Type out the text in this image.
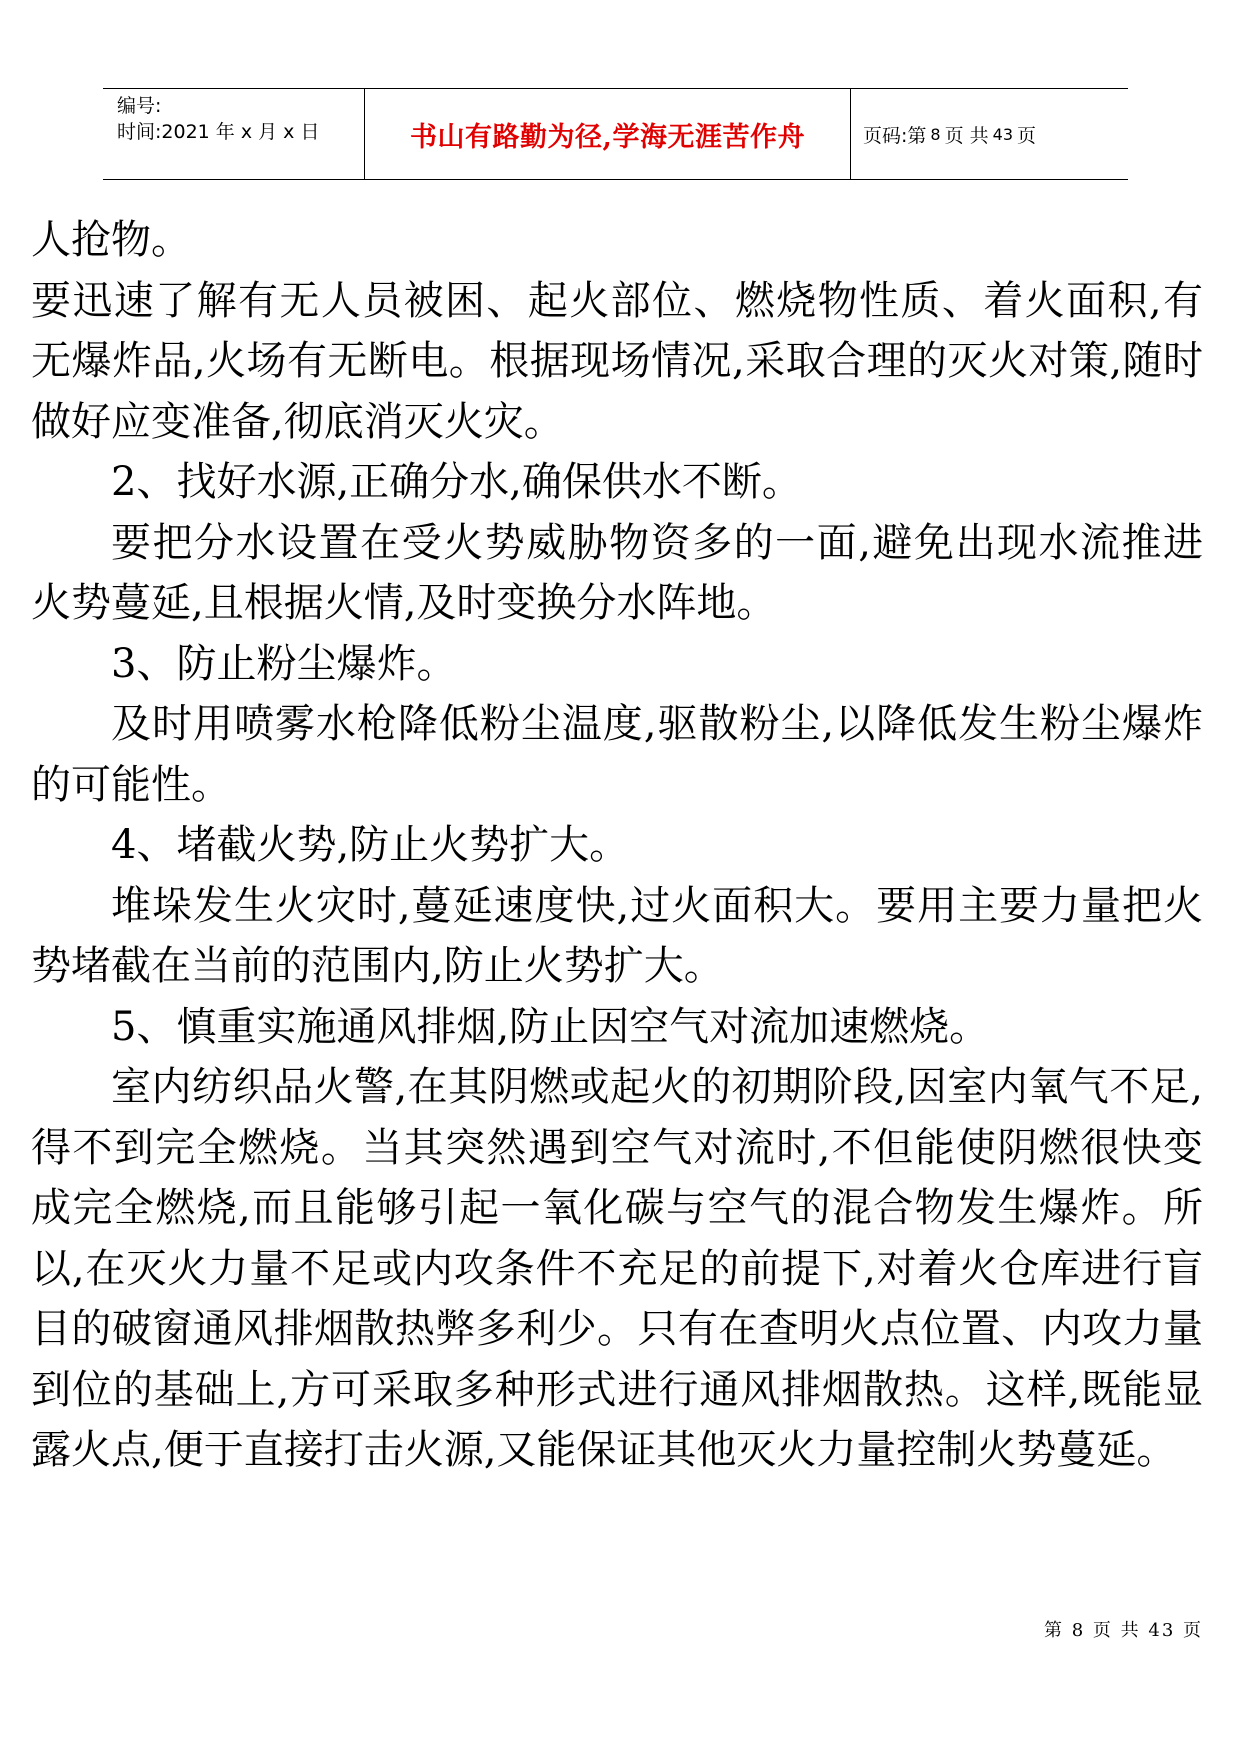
编号:
时间:2021 年 x 月 x 日	书山有路勤为径,学海无涯苦作舟	页码:第 8 页 共 43 页

人抢物。

要迅速了解有无人员被困、起火部位、燃烧物性质、着火面积,有无爆炸品,火场有无断电。根据现场情况,采取合理的灭火对策,随时做好应变准备,彻底消灭火灾。

2、找好水源,正确分水,确保供水不断。

要把分水设置在受火势威胁物资多的一面,避免出现水流推进火势蔓延,且根据火情,及时变换分水阵地。

3、防止粉尘爆炸。

及时用喷雾水枪降低粉尘温度,驱散粉尘,以降低发生粉尘爆炸的可能性。

4、堵截火势,防止火势扩大。

堆垛发生火灾时,蔓延速度快,过火面积大。要用主要力量把火势堵截在当前的范围内,防止火势扩大。

5、慎重实施通风排烟,防止因空气对流加速燃烧。

室内纺织品火警,在其阴燃或起火的初期阶段,因室内氧气不足,得不到完全燃烧。当其突然遇到空气对流时,不但能使阴燃很快变成完全燃烧,而且能够引起一氧化碳与空气的混合物发生爆炸。所以,在灭火力量不足或内攻条件不充足的前提下,对着火仓库进行盲目的破窗通风排烟散热弊多利少。只有在查明火点位置、内攻力量到位的基础上,方可采取多种形式进行通风排烟散热。这样,既能显露火点,便于直接打击火源,又能保证其他灭火力量控制火势蔓延。

第 8 页 共 43 页
